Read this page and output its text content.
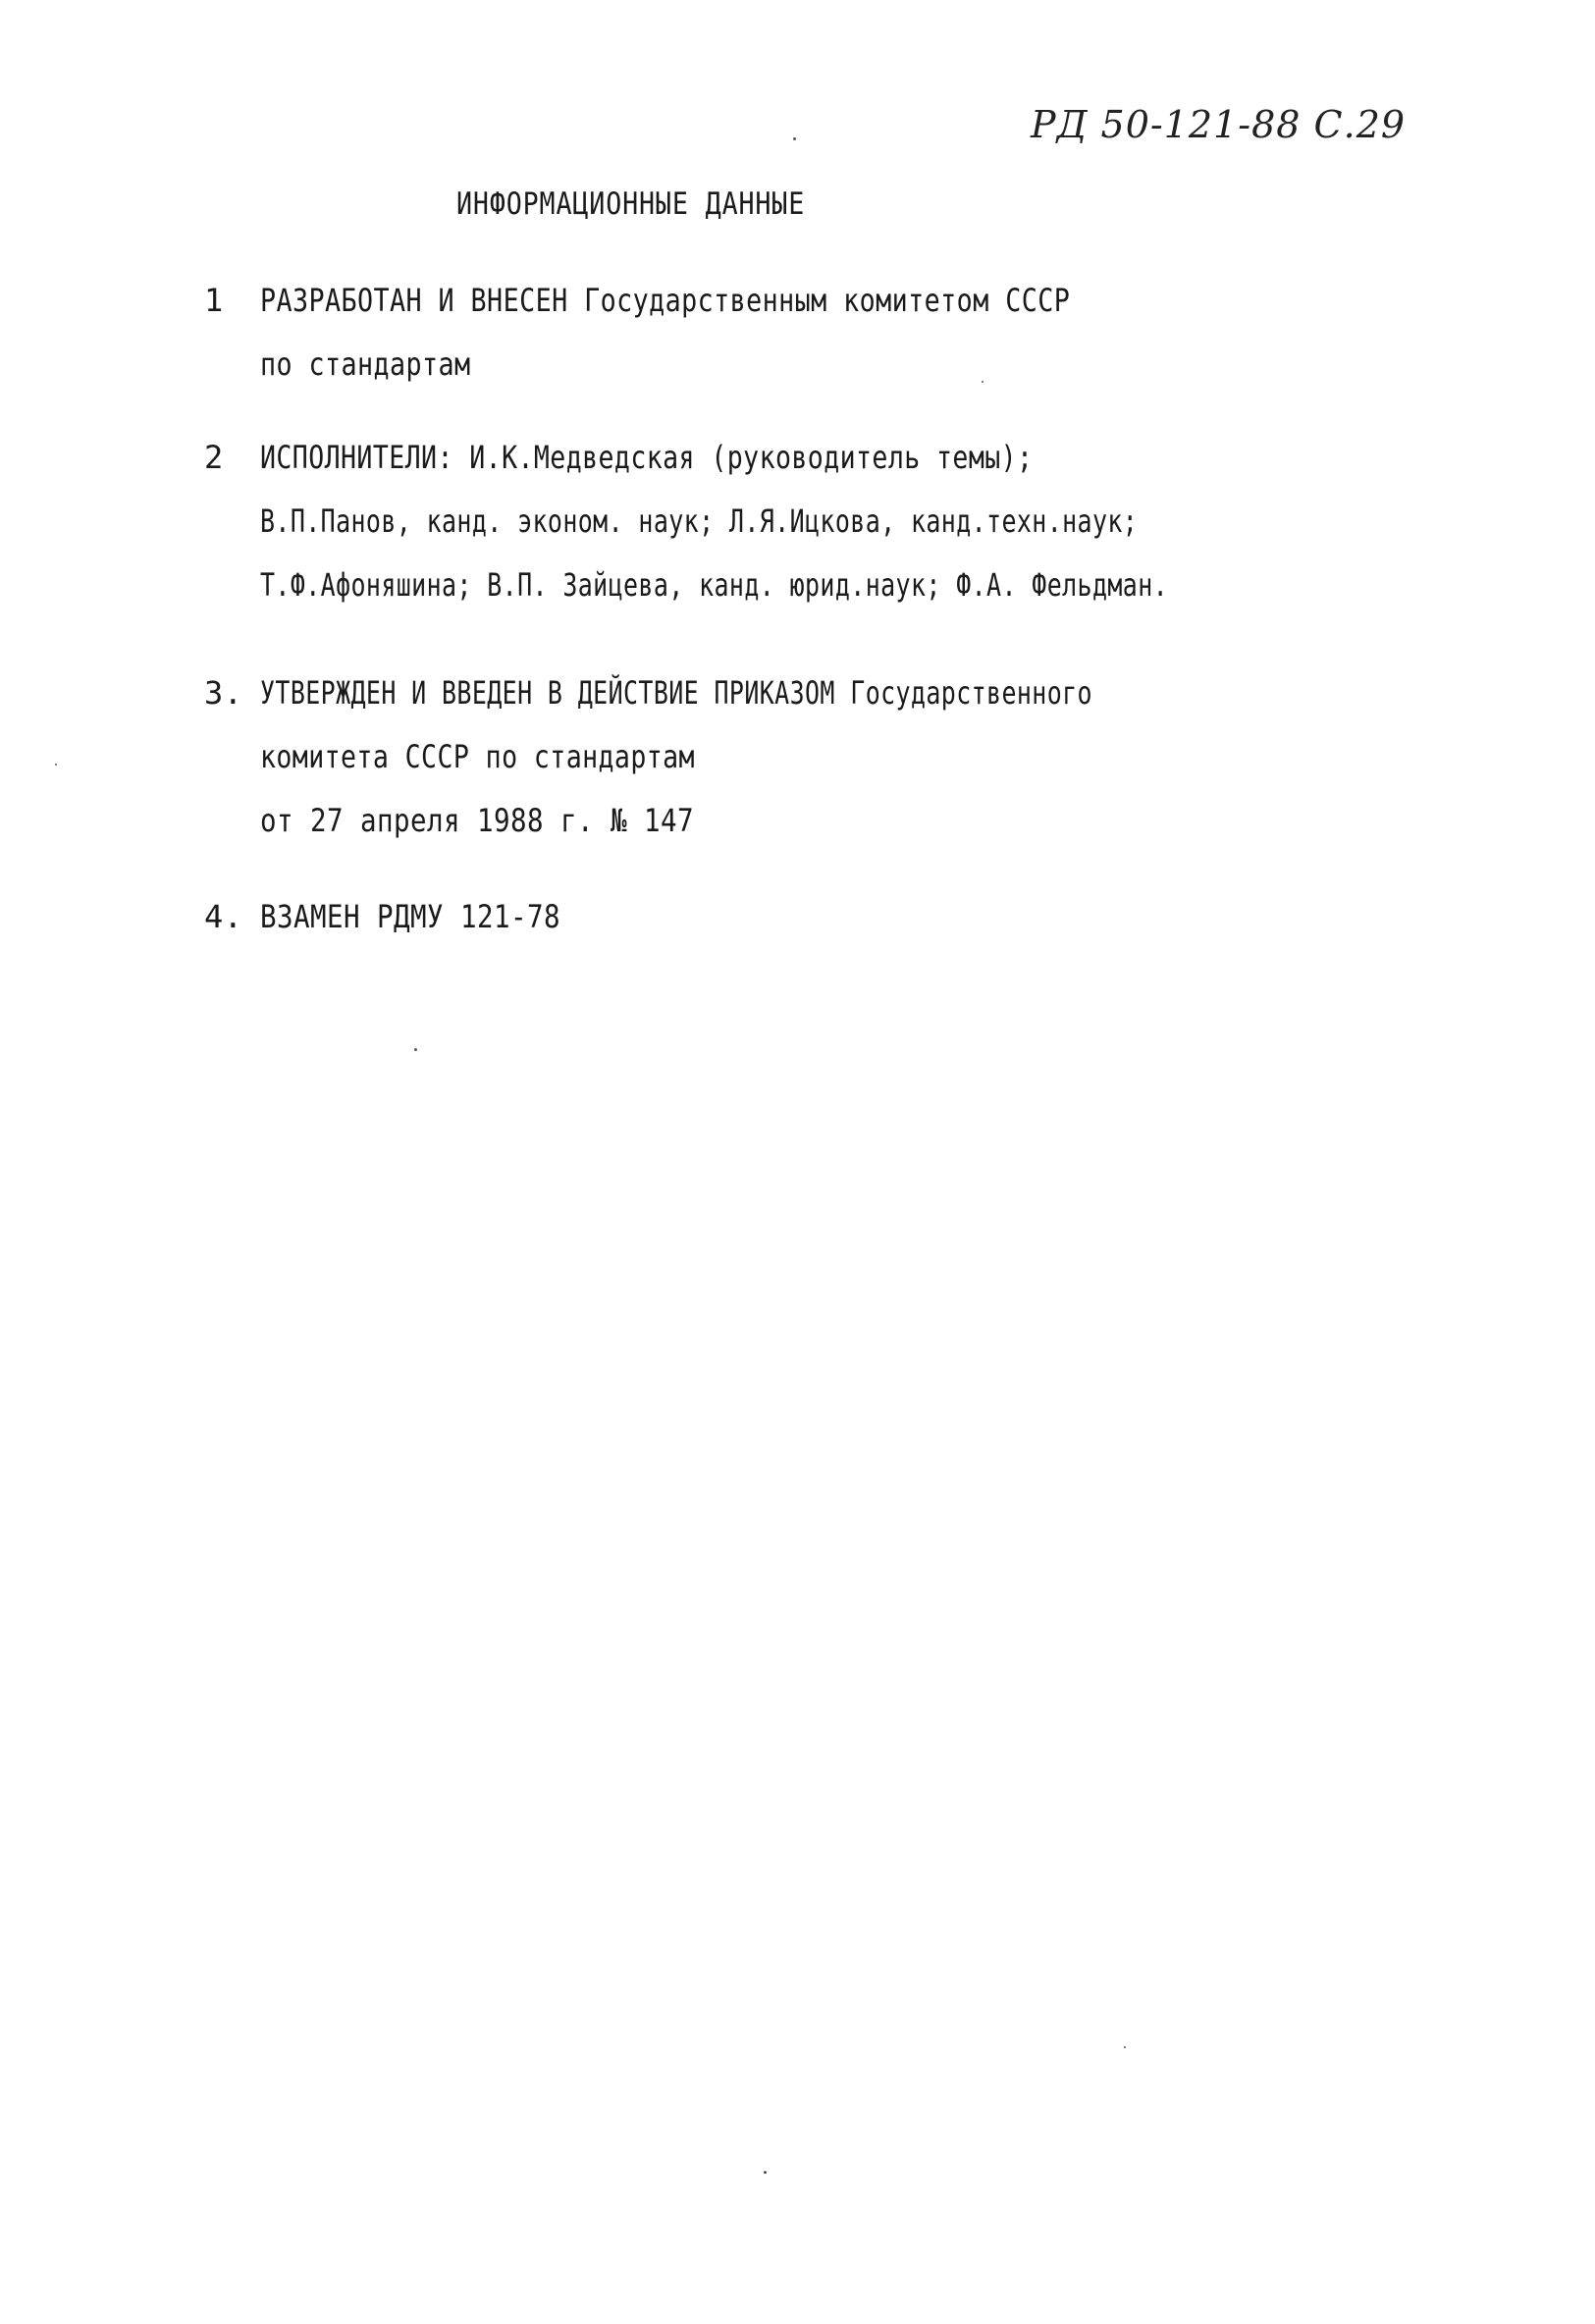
РД 50-121-88 С.29
ИНФОРМАЦИОННЫЕ ДАННЫЕ
1 РАЗРАБОТАН И ВНЕСЕН Государственным комитетом СССР
по стандартам
2 ИСПОЛНИТЕЛИ: И.К.Медведская (руководитель темы);
В.П.Панов, канд. эконом. наук; Л.Я.Ицкова, канд.техн.наук;
Т.Ф.Афоняшина; В.П. Зайцева, канд. юрид.наук; Ф.А. Фельдман.
3. УТВЕРЖДЕН И ВВЕДЕН В ДЕЙСТВИЕ ПРИКАЗОМ Государственного
комитета СССР по стандартам
от 27 апреля 1988 г. № 147
4. ВЗАМЕН РДМУ 121-78
